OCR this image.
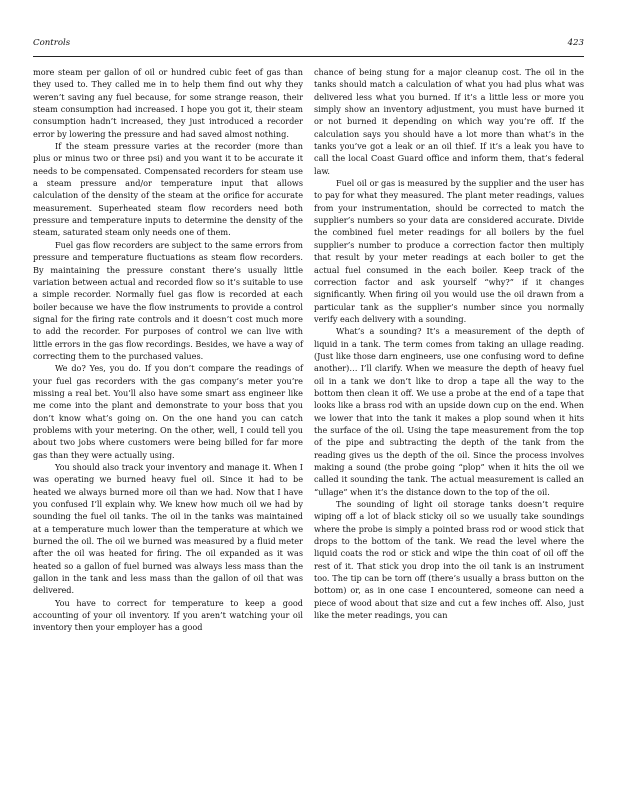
Controls	423

more steam per gallon of oil or hundred cubic feet of gas than they used to. They called me in to help them find out why they weren’t saving any fuel because, for some strange reason, their steam consumption had increased. I hope you got it, their steam consumption hadn’t increased, they just introduced a recorder error by lowering the pressure and had saved almost nothing.

If the steam pressure varies at the recorder (more than plus or minus two or three psi) and you want it to be accurate it needs to be compensated. Compensated recorders for steam use a steam pressure and/or temperature input that allows calculation of the density of the steam at the orifice for accurate measurement. Superheated steam flow recorders need both pressure and temperature inputs to determine the density of the steam, saturated steam only needs one of them.

Fuel gas flow recorders are subject to the same errors from pressure and temperature fluctuations as steam flow recorders. By maintaining the pressure constant there’s usually little variation between actual and recorded flow so it’s suitable to use a simple recorder. Normally fuel gas flow is recorded at each boiler because we have the flow instruments to provide a control signal for the firing rate controls and it doesn’t cost much more to add the recorder. For purposes of control we can live with little errors in the gas flow recordings. Besides, we have a way of correcting them to the purchased values.

We do? Yes, you do. If you don’t compare the readings of your fuel gas recorders with the gas company’s meter you’re missing a real bet. You’ll also have some smart ass engineer like me come into the plant and demonstrate to your boss that you don’t know what’s going on. On the one hand you can catch problems with your metering. On the other, well, I could tell you about two jobs where customers were being billed for far more gas than they were actually using.

You should also track your inventory and manage it. When I was operating we burned heavy fuel oil. Since it had to be heated we always burned more oil than we had. Now that I have you confused I’ll explain why. We knew how much oil we had by sounding the fuel oil tanks. The oil in the tanks was maintained at a temperature much lower than the temperature at which we burned the oil. The oil we burned was measured by a fluid meter after the oil was heated for firing. The oil expanded as it was heated so a gallon of fuel burned was always less mass than the gallon in the tank and less mass than the gallon of oil that was delivered.

You have to correct for temperature to keep a good accounting of your oil inventory. If you aren’t watching your oil inventory then your employer has a good

chance of being stung for a major cleanup cost. The oil in the tanks should match a calculation of what you had plus what was delivered less what you burned. If it’s a little less or more you simply show an inventory adjustment, you must have burned it or not burned it depending on which way you’re off. If the calculation says you should have a lot more than what’s in the tanks you’ve got a leak or an oil thief. If it’s a leak you have to call the local Coast Guard office and inform them, that’s federal law.

Fuel oil or gas is measured by the supplier and the user has to pay for what they measured. The plant meter readings, values from your instrumentation, should be corrected to match the supplier’s numbers so your data are considered accurate. Divide the combined fuel meter readings for all boilers by the fuel supplier’s number to produce a correction factor then multiply that result by your meter readings at each boiler to get the actual fuel consumed in the each boiler. Keep track of the correction factor and ask yourself “why?” if it changes significantly. When firing oil you would use the oil drawn from a particular tank as the supplier’s number since you normally verify each delivery with a sounding.

What’s a sounding? It’s a measurement of the depth of liquid in a tank. The term comes from taking an ullage reading. (Just like those darn engineers, use one confusing word to define another)… I’ll clarify. When we measure the depth of heavy fuel oil in a tank we don’t like to drop a tape all the way to the bottom then clean it off. We use a probe at the end of a tape that looks like a brass rod with an upside down cup on the end. When we lower that into the tank it makes a plop sound when it hits the surface of the oil. Using the tape measurement from the top of the pipe and subtracting the depth of the tank from the reading gives us the depth of the oil. Since the process involves making a sound (the probe going “plop” when it hits the oil we called it sounding the tank. The actual measurement is called an “ullage” when it’s the distance down to the top of the oil.

The sounding of light oil storage tanks doesn’t require wiping off a lot of black sticky oil so we usually take soundings where the probe is simply a pointed brass rod or wood stick that drops to the bottom of the tank. We read the level where the liquid coats the rod or stick and wipe the thin coat of oil off the rest of it. That stick you drop into the oil tank is an instrument too. The tip can be torn off (there’s usually a brass button on the bottom) or, as in one case I encountered, someone can need a piece of wood about that size and cut a few inches off. Also, just like the meter readings, you can
